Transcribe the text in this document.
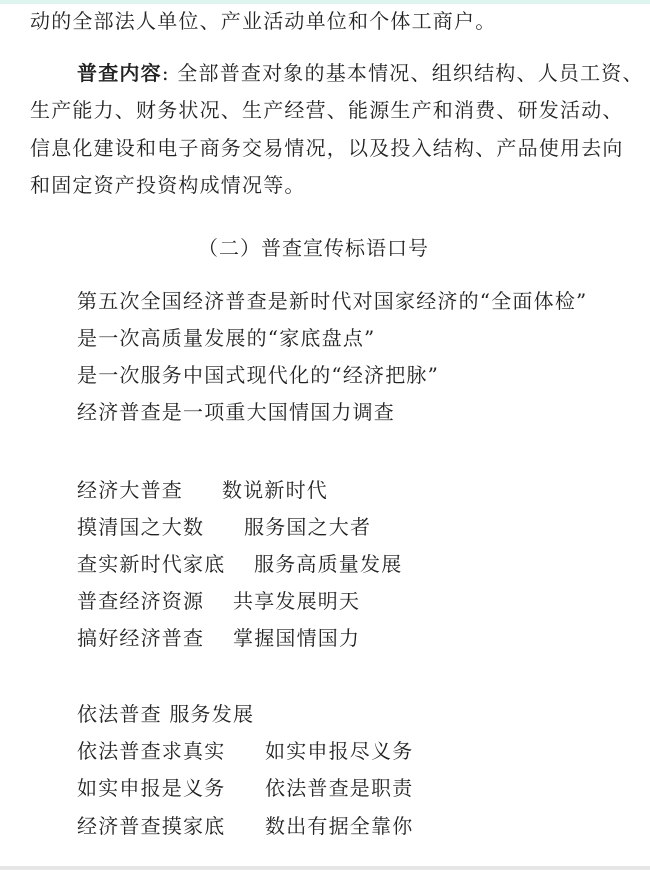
动的全部法人单位、产业活动单位和个体工商户。
普查内容: 全部普查对象的基本情况、组织结构、人员工资、
生产能力、财务状况、生产经营、能源生产和消费、研发活动、
信息化建设和电子商务交易情况，以及投入结构、产品使用去向
和固定资产投资构成情况等。
（二）普查宣传标语口号
第五次全国经济普查是新时代对国家经济的“全面体检”
是一次高质量发展的“家底盘点”
是一次服务中国式现代化的“经济把脉”
经济普查是一项重大国情国力调查
经济大普查 数说新时代
摸清国之大数 服务国之大者
查实新时代家底 服务高质量发展
普查经济资源 共享发展明天
搞好经济普查 掌握国情国力
依法普查 服务发展
依法普查求真实 如实申报尽义务
如实申报是义务 依法普查是职责
经济普查摸家底 数出有据全靠你
